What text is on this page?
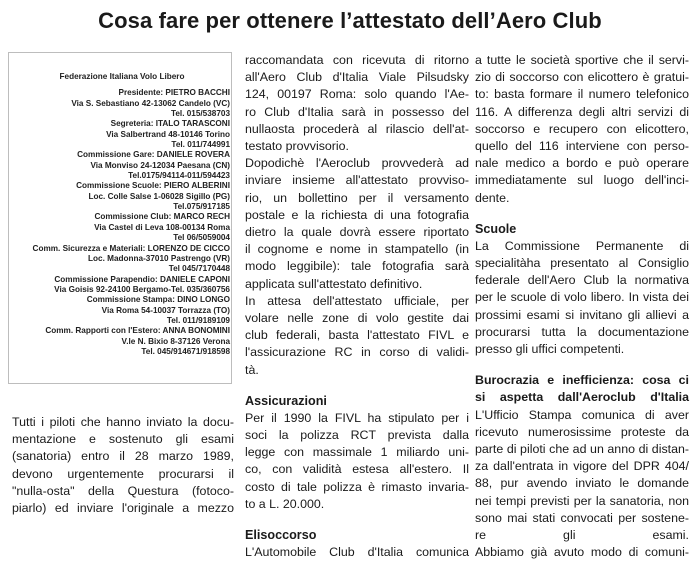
Cosa fare per ottenere l’attestato dell’Aero Club
Federazione Italiana Volo Libero
Presidente: PIETRO BACCHI
Via S. Sebastiano 42-13062 Candelo (VC)
Tel. 015/538703
Segreteria: ITALO TARASCONI
Via Salbertrand 48-10146 Torino
Tel. 011/744991
Commissione Gare: DANIELE ROVERA
Via Monviso 24-12034 Paesana (CN)
Tel.0175/94114-011/594423
Commissione Scuole: PIERO ALBERINI
Loc. Colle Salse 1-06028 Sigillo (PG)
Tel.075/917185
Commissione Club: MARCO RECH
Via Castel di Leva 108-00134 Roma
Tel 06/5059004
Comm. Sicurezza e Materiali: LORENZO DE CICCO
Loc. Madonna-37010 Pastrengo (VR)
Tel 045/7170448
Commissione Parapendio: DANIELE CAPONI
Via Goisis 92-24100 Bergamo-Tel. 035/360756
Commissione Stampa: DINO LONGO
Via Roma 54-10037 Torrazza (TO)
Tel. 011/9189109
Comm. Rapporti con l'Estero: ANNA BONOMINI
V.le N. Bixio 8-37126 Verona
Tel. 045/914671/918598
Tutti i piloti che hanno inviato la docu-
mentazione e sostenuto gli esami
(sanatoria) entro il 28 marzo 1989,
devono urgentemente procurarsi il
"nulla-osta" della Questura (fotoco-
piarlo) ed inviare l'originale a mezzo
raccomandata con ricevuta di ritorno
all'Aero Club d'Italia Viale Pilsudsky
124, 00197 Roma: solo quando l'Ae-
ro Club d'Italia sarà in possesso del
nullaosta procederà al rilascio dell'at-
testato provvisorio.
Dopodichè l'Aeroclub provvederà ad
inviare insieme all'attestato provviso-
rio, un bollettino per il versamento
postale e la richiesta di una fotografia
dietro la quale dovrà essere riportato
il cognome e nome in stampatello (in
modo leggibile): tale fotografia sarà
applicata sull'attestato definitivo.
In attesa dell'attestato ufficiale, per
volare nelle zone di volo gestite dai
club federali, basta l'attestato FIVL e
l'assicurazione RC in corso di validi-
tà.
Assicurazioni
Per il 1990 la FIVL ha stipulato per i
soci la polizza RCT prevista dalla
legge con massimale 1 miliardo uni-
co, con validità estesa all'estero. Il
costo di tale polizza è rimasto invaria-
to a L. 20.000.
Elisoccorso
L'Automobile Club d'Italia comunica
a tutte le società sportive che il servi-
zio di soccorso con elicottero è gratui-
to: basta formare il numero telefonico
116. A differenza degli altri servizi di
soccorso e recupero con elicottero,
quello del 116 interviene con perso-
nale medico a bordo e può operare
immediatamente sul luogo dell'inci-
dente.
Scuole
La Commissione Permanente di
specialitàha presentato al Consiglio
federale dell'Aero Club la normativa
per le scuole di volo libero. In vista dei
prossimi esami si invitano gli allievi a
procurarsi tutta la documentazione
presso gli uffici competenti.
Burocrazia e inefficienza: cosa ci
si aspetta dall'Aeroclub d'Italia
L'Ufficio Stampa comunica di aver
ricevuto numerosissime proteste da
parte di piloti che ad un anno di distan-
za dall'entrata in vigore del DPR 404/
88, pur avendo inviato le domande
nei tempi previsti per la sanatoria, non
sono mai stati convocati per sostene-
re gli esami.
Abbiamo già avuto modo di comuni-
